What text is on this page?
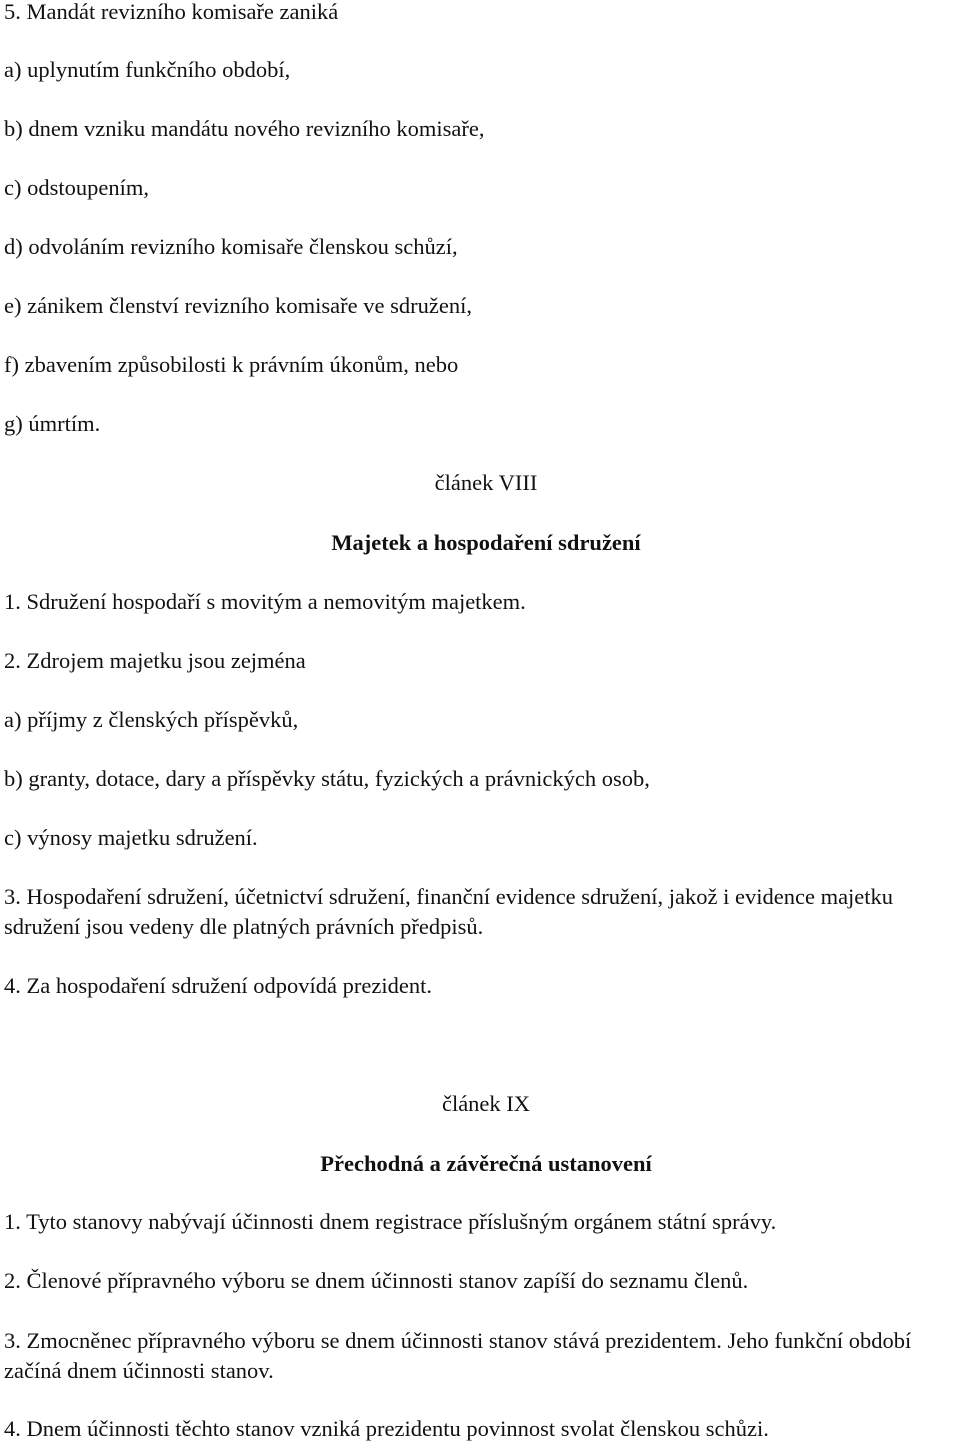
5. Mandát revizního komisaře zaniká
a) uplynutím funkčního období,
b) dnem vzniku mandátu nového revizního komisaře,
c) odstoupením,
d) odvoláním revizního komisaře členskou schůzí,
e) zánikem členství revizního komisaře ve sdružení,
f) zbavením způsobilosti k právním úkonům, nebo
g) úmrtím.
článek VIII
Majetek a hospodaření sdružení
1. Sdružení hospodaří s movitým a nemovitým majetkem.
2. Zdrojem majetku jsou zejména
a) příjmy z členských příspěvků,
b) granty, dotace, dary a příspěvky státu, fyzických a právnických osob,
c) výnosy majetku sdružení.
3. Hospodaření sdružení, účetnictví sdružení, finanční evidence sdružení, jakož i evidence majetku sdružení jsou vedeny dle platných právních předpisů.
4. Za hospodaření sdružení odpovídá prezident.
článek IX
Přechodná a závěrečná ustanovení
1. Tyto stanovy nabývají účinnosti dnem registrace příslušným orgánem státní správy.
2. Členové přípravného výboru se dnem účinnosti stanov zapíší do seznamu členů.
3. Zmocněnec přípravného výboru se dnem účinnosti stanov stává prezidentem. Jeho funkční období začíná dnem účinnosti stanov.
4. Dnem účinnosti těchto stanov vzniká prezidentu povinnost svolat členskou schůzi.
